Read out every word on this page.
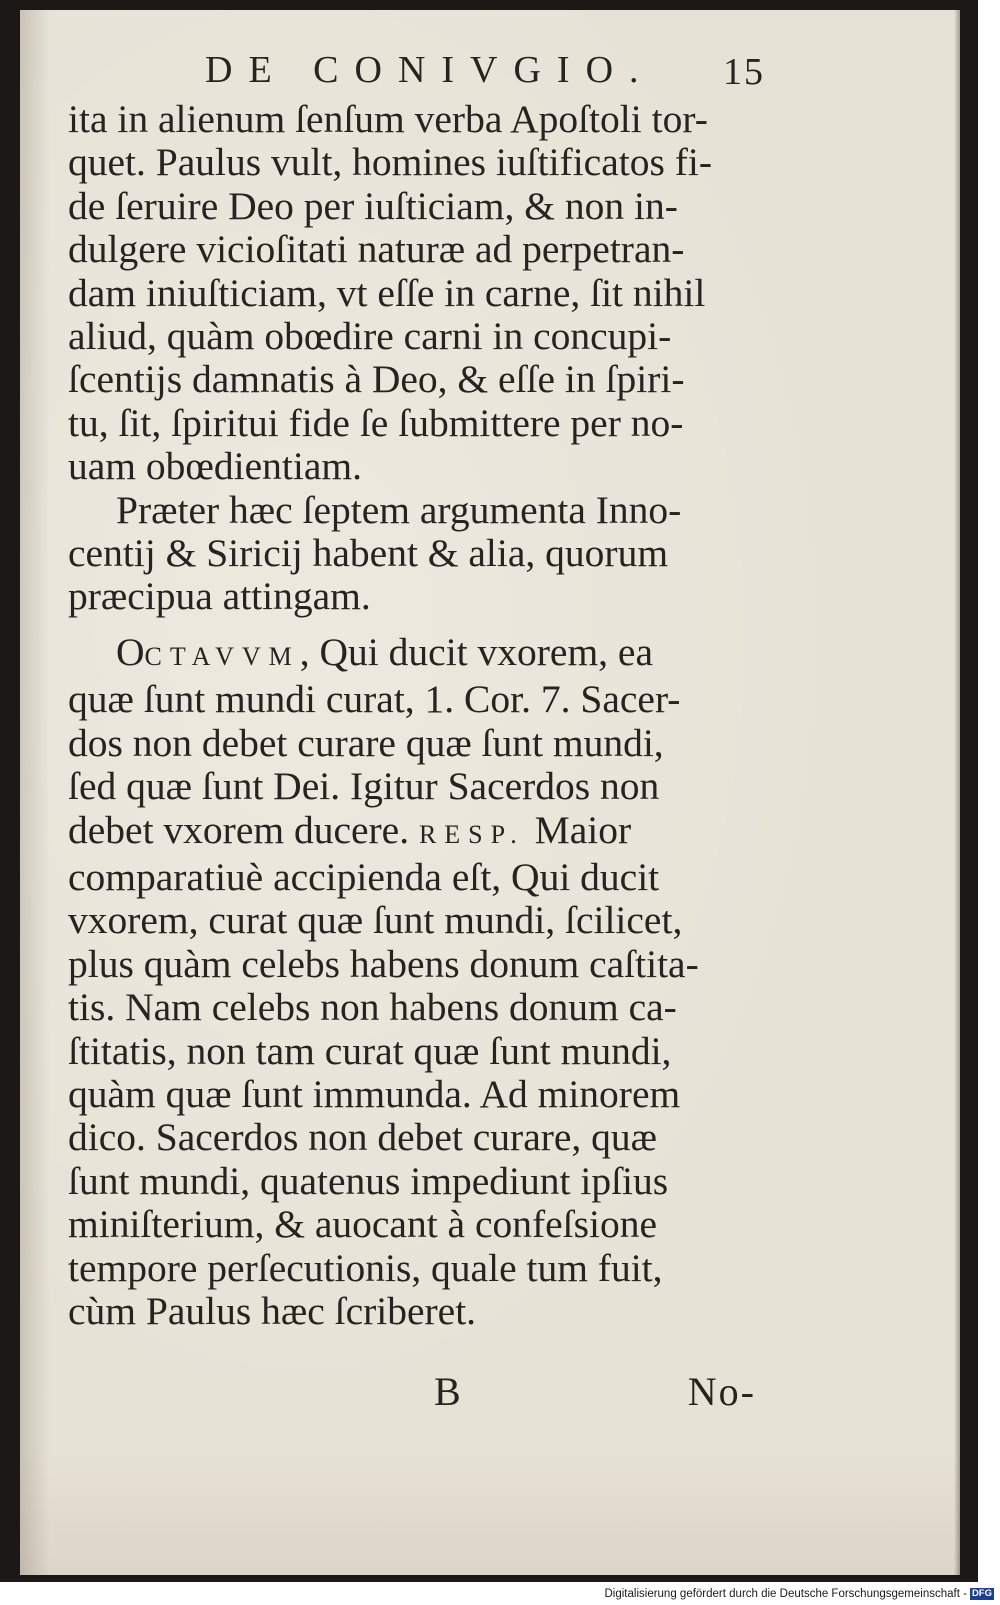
DE CONIVGIO. 15

ita in alienum ſenſum verba Apoſtoli tor-
quet. Paulus vult, homines iuſtificatos fi-
de ſeruire Deo per iuſticiam, & non in-
dulgere vicioſitati naturæ ad perpetran-
dam iniuſticiam, vt eſſe in carne, ſit nihil
aliud, quàm obœdire carni in concupi-
ſcentijs damnatis à Deo, & eſſe in ſpiri-
tu, ſit, ſpiritui fide ſe ſubmittere per no-
uam obœdientiam.

Præter hæc ſeptem argumenta Inno-
centij & Siricij habent & alia, quorum
præcipua attingam.

OCTAVVM, Qui ducit vxorem, ea
quæ ſunt mundi curat, 1. Cor. 7. Sacer-
dos non debet curare quæ ſunt mundi,
ſed quæ ſunt Dei. Igitur Sacerdos non
debet vxorem ducere. RESP. Maior
comparatiuè accipienda eſt, Qui ducit
vxorem, curat quæ ſunt mundi, ſcilicet,
plus quàm celebs habens donum caſtita-
tis. Nam celebs non habens donum ca-
ſtitatis, non tam curat quæ ſunt mundi,
quàm quæ ſunt immunda. Ad minorem
dico. Sacerdos non debet curare, quæ
ſunt mundi, quatenus impediunt ipſius
miniſterium, & auocant à confeſsione
tempore perſecutionis, quale tum fuit,
cùm Paulus hæc ſcriberet.

B	No-
Digitalisierung gefördert durch die Deutsche Forschungsgemeinschaft - DFG
